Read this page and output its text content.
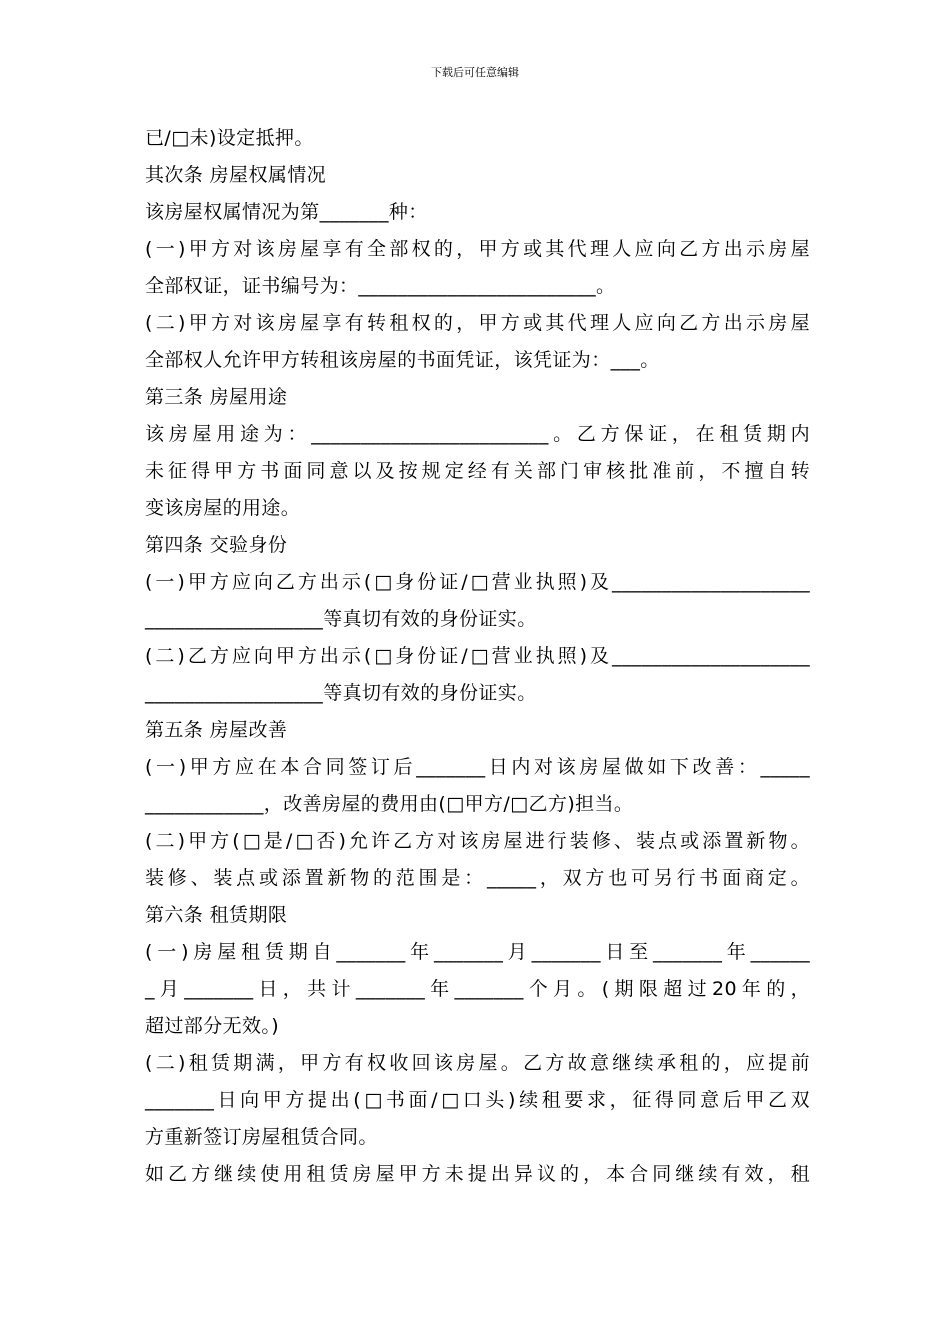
下载后可任意编辑
已/□未)设定抵押。
其次条 房屋权属情况
该房屋权属情况为第_______种：
(一)甲方对该房屋享有全部权的，甲方或其代理人应向乙方出示房屋
全部权证，证书编号为：________________________。
(二)甲方对该房屋享有转租权的，甲方或其代理人应向乙方出示房屋
全部权人允许甲方转租该房屋的书面凭证，该凭证为：___。
第三条 房屋用途
该房屋用途为：________________________。乙方保证，在租赁期内
未征得甲方书面同意以及按规定经有关部门审核批准前，不擅自转
变该房屋的用途。
第四条 交验身份
(一)甲方应向乙方出示(□身份证/□营业执照)及____________________
__________________等真切有效的身份证实。
(二)乙方应向甲方出示(□身份证/□营业执照)及____________________
__________________等真切有效的身份证实。
第五条 房屋改善
(一)甲方应在本合同签订后_______日内对该房屋做如下改善：_____
____________，改善房屋的费用由(□甲方/□乙方)担当。
(二)甲方(□是/□否)允许乙方对该房屋进行装修、装点或添置新物。
装修、装点或添置新物的范围是：_____，双方也可另行书面商定。
第六条 租赁期限
(一)房屋租赁期自_______年_______月_______日至_______年______
_月_______日，共计_______年_______个月。(期限超过20年的，
超过部分无效。)
(二)租赁期满，甲方有权收回该房屋。乙方故意继续承租的，应提前
_______日向甲方提出(□书面/□口头)续租要求，征得同意后甲乙双
方重新签订房屋租赁合同。
如乙方继续使用租赁房屋甲方未提出异议的，本合同继续有效，租
